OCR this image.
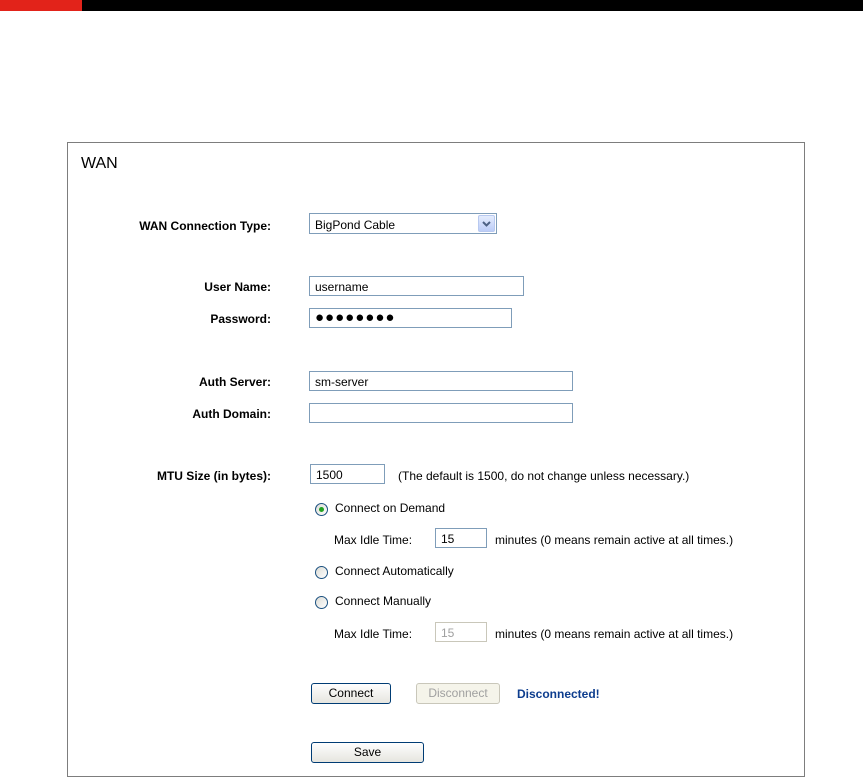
WAN
WAN Connection Type:	BigPond Cable
User Name:	username
Password:	●●●●●●●●
Auth Server:	sm-server
Auth Domain:
MTU Size (in bytes):	1500	(The default is 1500, do not change unless necessary.)
Connect on Demand
Max Idle Time:	15	minutes (0 means remain active at all times.)
Connect Automatically
Connect Manually
Max Idle Time:	15	minutes (0 means remain active at all times.)
Connect	Disconnect	Disconnected!
Save
